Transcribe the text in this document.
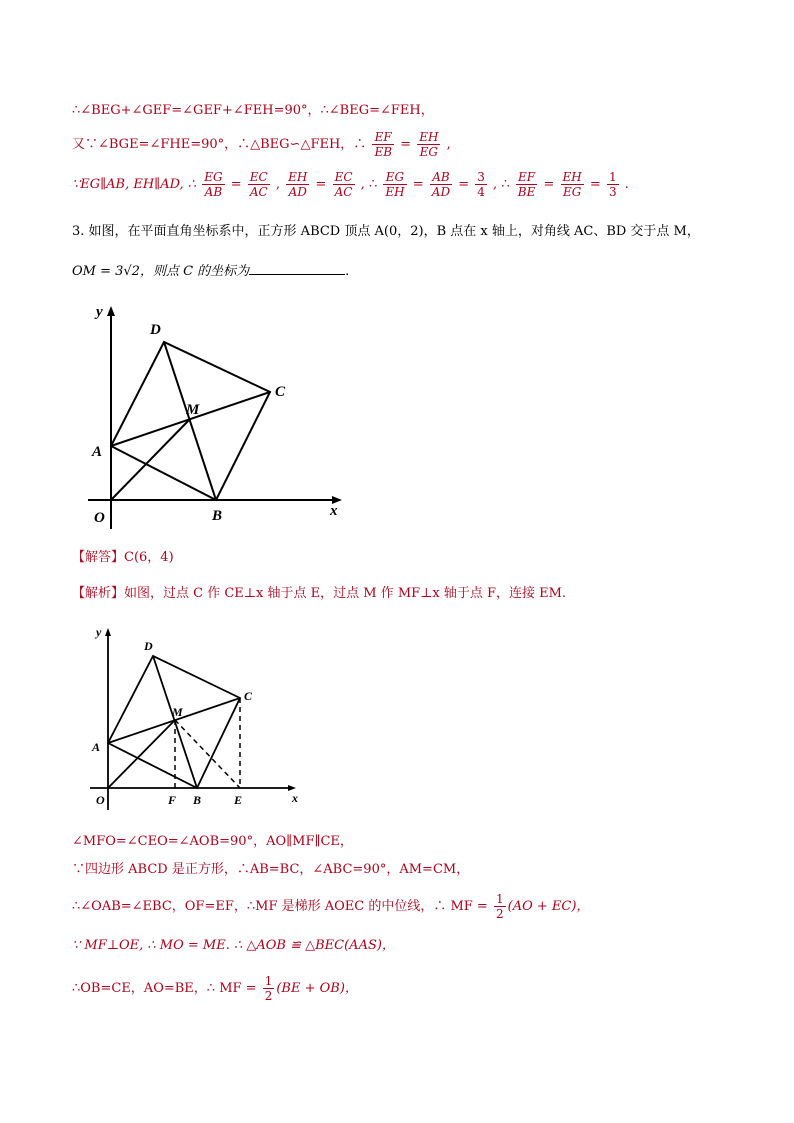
∴∠BEG+∠GEF=∠GEF+∠FEH=90°，∴∠BEG=∠FEH，
又∵∠BGE=∠FHE=90°，∴△BEG∽△FEH，∴ $\frac{EF}{EB} = \frac{EH}{EG}$ ,
∵EG∥AB, EH∥AD, ∴ $\frac{EG}{AB} = \frac{EC}{AC}$ , $\frac{EH}{AD} = \frac{EC}{AC}$ , ∴ $\frac{EG}{EH} = \frac{AB}{AD} = \frac{3}{4}$ , ∴ $\frac{EF}{BE} = \frac{EH}{EG} = \frac{1}{3}$ .
3. 如图，在平面直角坐标系中，正方形 ABCD 顶点 A(0，2)，B 点在 x 轴上，对角线 AC、BD 交于点 M，
OM = 3√2，则点 C 的坐标为	.
y
x
O
A
B
C
D
M
【解答】C(6，4)
【解析】如图，过点 C 作 CE⊥x 轴于点 E，过点 M 作 MF⊥x 轴于点 F，连接 EM.
y
x
O
A
B
C
D
M
F	E
∠MFO=∠CEO=∠AOB=90°，AO∥MF∥CE，
∵四边形 ABCD 是正方形，∴AB=BC，∠ABC=90°，AM=CM，
∴∠OAB=∠EBC，OF=EF，∴MF 是梯形 AOEC 的中位线，∴ MF = $\frac{1}{2} (AO + EC)$，
∵ MF⊥OE, ∴ MO = ME. ∴ △AOB ≌ △BEC(AAS)，
∴OB=CE，AO=BE，∴ MF = $\frac{1}{2} (BE + OB)$，
